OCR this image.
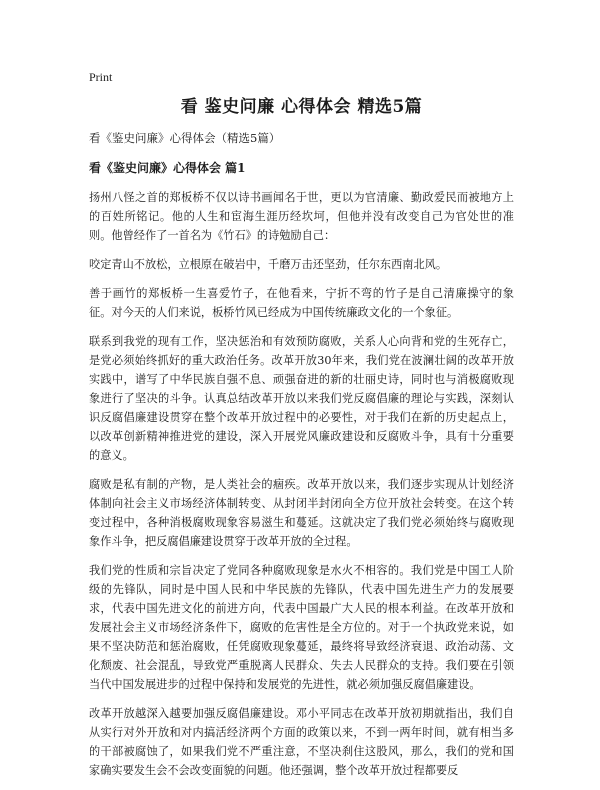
Print

看 鉴史问廉 心得体会 精选5篇

看《鉴史问廉》心得体会（精选5篇）

看《鉴史问廉》心得体会 篇1

扬州八怪之首的郑板桥不仅以诗书画闻名于世，更以为官清廉、勤政爱民而被地方上的百姓所铭记。他的人生和宦海生涯历经坎坷，但他并没有改变自己为官处世的准则。他曾经作了一首名为《竹石》的诗勉励自己：

咬定青山不放松，立根原在破岩中，千磨万击还坚劲，任尔东西南北风。

善于画竹的郑板桥一生喜爱竹子，在他看来，宁折不弯的竹子是自己清廉操守的象征。对今天的人们来说，板桥竹风已经成为中国传统廉政文化的一个象征。

联系到我党的现有工作，坚决惩治和有效预防腐败，关系人心向背和党的生死存亡，是党必须始终抓好的重大政治任务。改革开放30年来，我们党在波澜壮阔的改革开放实践中，谱写了中华民族自强不息、顽强奋进的新的壮丽史诗，同时也与消极腐败现象进行了坚决的斗争。认真总结改革开放以来我们党反腐倡廉的理论与实践，深刻认识反腐倡廉建设贯穿在整个改革开放过程中的必要性，对于我们在新的历史起点上，以改革创新精神推进党的建设，深入开展党风廉政建设和反腐败斗争，具有十分重要的意义。

腐败是私有制的产物，是人类社会的痼疾。改革开放以来，我们逐步实现从计划经济体制向社会主义市场经济体制转变、从封闭半封闭向全方位开放社会转变。在这个转变过程中，各种消极腐败现象容易滋生和蔓延。这就决定了我们党必须始终与腐败现象作斗争，把反腐倡廉建设贯穿于改革开放的全过程。

我们党的性质和宗旨决定了党同各种腐败现象是水火不相容的。我们党是中国工人阶级的先锋队，同时是中国人民和中华民族的先锋队，代表中国先进生产力的发展要求，代表中国先进文化的前进方向，代表中国最广大人民的根本利益。在改革开放和发展社会主义市场经济条件下，腐败的危害性是全方位的。对于一个执政党来说，如果不坚决防范和惩治腐败，任凭腐败现象蔓延，最终将导致经济衰退、政治动荡、文化颓废、社会混乱，导致党严重脱离人民群众、失去人民群众的支持。我们要在引领当代中国发展进步的过程中保持和发展党的先进性，就必须加强反腐倡廉建设。

改革开放越深入越要加强反腐倡廉建设。邓小平同志在改革开放初期就指出，我们自从实行对外开放和对内搞活经济两个方面的政策以来，不到一两年时间，就有相当多的干部被腐蚀了，如果我们党不严重注意，不坚决刹住这股风，那么，我们的党和国家确实要发生会不会改变面貌的问题。他还强调，整个改革开放过程都要反
